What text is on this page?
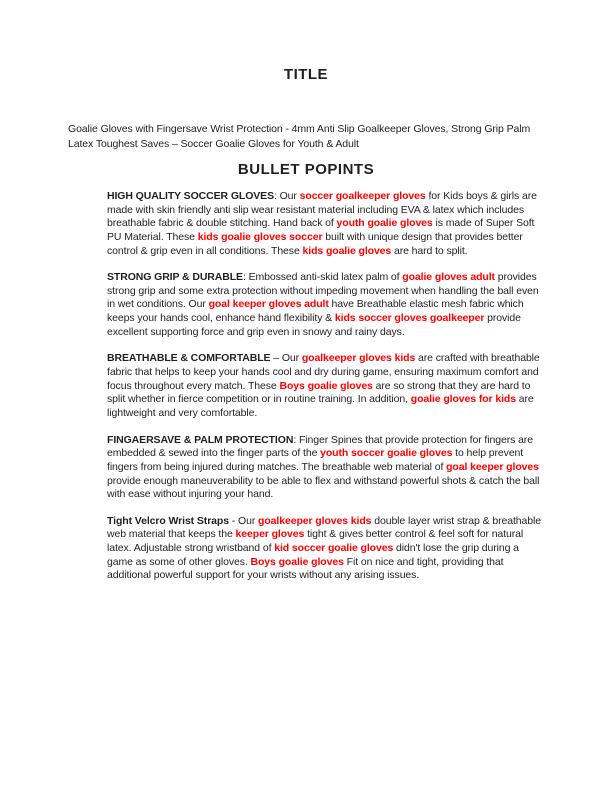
TITLE

Goalie Gloves with Fingersave Wrist Protection - 4mm Anti Slip Goalkeeper Gloves, Strong Grip Palm Latex Toughest Saves – Soccer Goalie Gloves for Youth & Adult

BULLET POPINTS

HIGH QUALITY SOCCER GLOVES: Our soccer goalkeeper gloves for Kids boys & girls are made with skin friendly anti slip wear resistant material including EVA & latex which includes breathable fabric & double stitching. Hand back of youth goalie gloves is made of Super Soft PU Material. These kids goalie gloves soccer built with unique design that provides better control & grip even in all conditions. These kids goalie gloves are hard to split.

STRONG GRIP & DURABLE: Embossed anti-skid latex palm of goalie gloves adult provides strong grip and some extra protection without impeding movement when handling the ball even in wet conditions. Our goal keeper gloves adult have Breathable elastic mesh fabric which keeps your hands cool, enhance hand flexibility & kids soccer gloves goalkeeper provide excellent supporting force and grip even in snowy and rainy days.

BREATHABLE & COMFORTABLE – Our goalkeeper gloves kids are crafted with breathable fabric that helps to keep your hands cool and dry during game, ensuring maximum comfort and focus throughout every match. These Boys goalie gloves are so strong that they are hard to split whether in fierce competition or in routine training. In addition, goalie gloves for kids are lightweight and very comfortable.

FINGAERSAVE & PALM PROTECTION: Finger Spines that provide protection for fingers are embedded & sewed into the finger parts of the youth soccer goalie gloves to help prevent fingers from being injured during matches. The breathable web material of goal keeper gloves provide enough maneuverability to be able to flex and withstand powerful shots & catch the ball with ease without injuring your hand.

Tight Velcro Wrist Straps - Our goalkeeper gloves kids double layer wrist strap & breathable web material that keeps the keeper gloves tight & gives better control & feel soft for natural latex. Adjustable strong wristband of kid soccer goalie gloves didn't lose the grip during a game as some of other gloves. Boys goalie gloves Fit on nice and tight, providing that additional powerful support for your wrists without any arising issues.
